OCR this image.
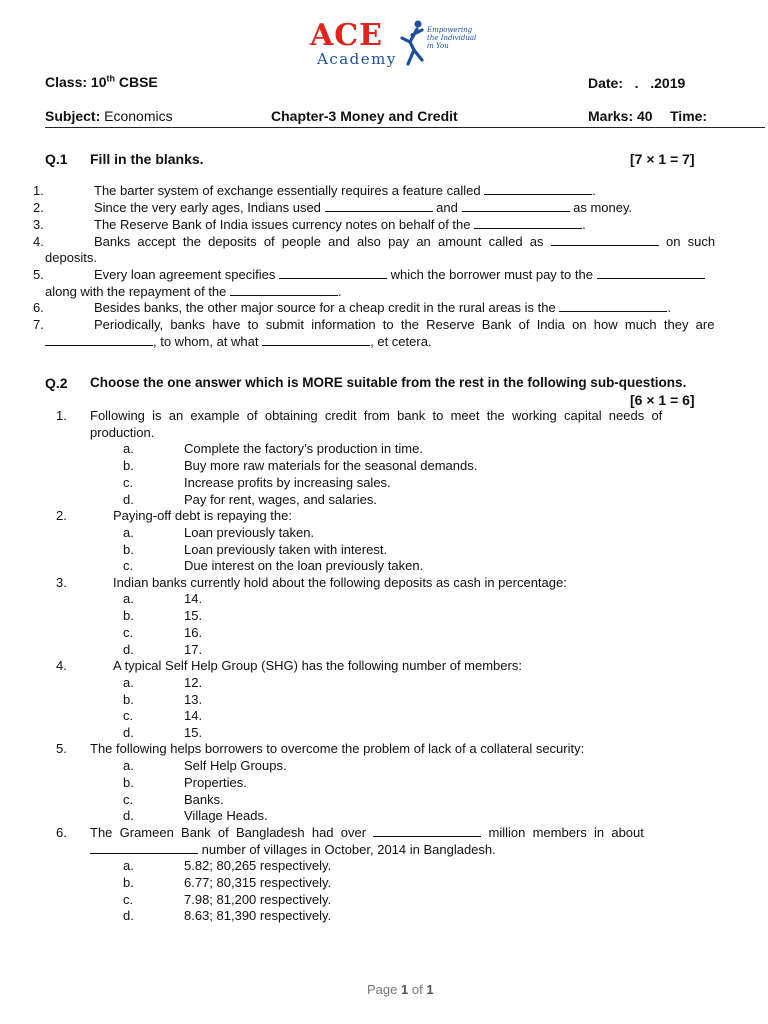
ACE
Academy
Empowering
the Individual
in You
Class: 10th CBSE	Date:   .   .2019
Subject: Economics	Chapter-3 Money and Credit	Marks: 40 Time:
Q.1 Fill in the blanks.	[7 × 1 = 7]
1.	The barter system of exchange essentially requires a feature called	.
2.	Since the very early ages, Indians used	and	as money.
3.	The Reserve Bank of India issues currency notes on behalf of the	.
4.	Banks  accept  the  deposits  of  people  and  also  pay  an  amount  called  as	on  such
deposits.
5.	Every loan agreement specifies	which the borrower must pay to the
along with the repayment of the	.
6.	Besides banks, the other major source for a cheap credit in the rural areas is the	.
7.	Periodically,  banks  have  to  submit  information  to  the  Reserve  Bank  of  India  on  how  much  they  are
, to whom, at what	, et cetera.
Q.2 Choose the one answer which is MORE suitable from the rest in the following sub-questions.
[6 × 1 = 6]
1. Following  is  an  example  of  obtaining  credit  from  bank  to  meet  the  working  capital  needs  of
production.
a.	Complete the factory’s production in time.
b.	Buy more raw materials for the seasonal demands.
c.	Increase profits by increasing sales.
d.	Pay for rent, wages, and salaries.
2.	Paying-off debt is repaying the:
a.	Loan previously taken.
b.	Loan previously taken with interest.
c.	Due interest on the loan previously taken.
3.	Indian banks currently hold about the following deposits as cash in percentage:
a.	14.
b.	15.
c.	16.
d.	17.
4.	A typical Self Help Group (SHG) has the following number of members:
a.	12.
b.	13.
c.	14.
d.	15.
5. The following helps borrowers to overcome the problem of lack of a collateral security:
a.	Self Help Groups.
b.	Properties.
c.	Banks.
d.	Village Heads.
6. The  Grameen  Bank  of  Bangladesh  had  over	million  members  in  about
number of villages in October, 2014 in Bangladesh.
a.	5.82; 80,265 respectively.
b.	6.77; 80,315 respectively.
c.	7.98; 81,200 respectively.
d.	8.63; 81,390 respectively.
Page 1 of 1
